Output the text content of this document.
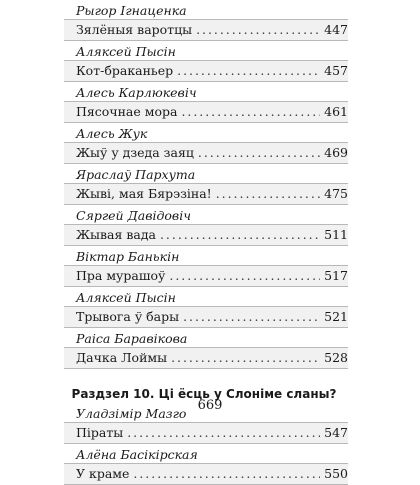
Рыгор Ігнаценка
Зялёныя варотцы . . .	447
Аляксей Пысін
Кот-браканьер . . .	457
Алесь Карлюкевіч
Пясочнае мора . . .	461
Алесь Жук
Жыў у дзеда заяц . . .	469
Яраслаў Пархута
Жыві, мая Бярэзіна! . . .	475
Сяргей Давідовіч
Жывая вада . . .	511
Віктар Банькін
Пра мурашоў . . .	517
Аляксей Пысін
Трывога ў бары . . .	521
Раіса Баравікова
Дачка Лоймы . . .	528
Раздзел 10. Ці ёсць у Слоніме сланы?
Уладзімір Мазго
Піраты . . .	547
Алёна Басікірская
У краме . . .	550
669
